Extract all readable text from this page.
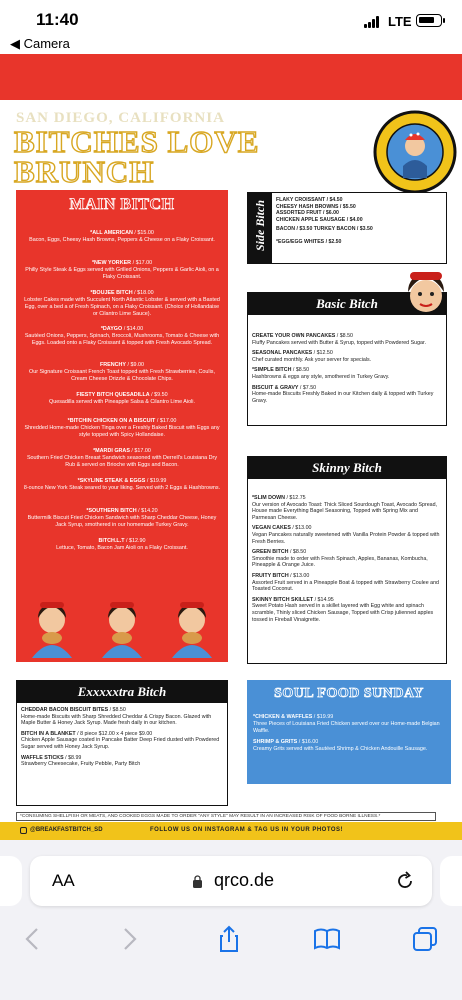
11:40
◀ Camera
LTE
SAN DIEGO, CALIFORNIA
BITCHES LOVE
BRUNCH
MAIN BITCH
*ALL AMERICAN / $15.00
Bacon, Eggs, Cheesy Hash Browns, Peppers & Cheese on a Flaky Croissant.
*NEW YORKER / $17.00
Philly Style Steak & Eggs served with Grilled Onions, Peppers & Garlic Aioli, on a Flaky Croissant.
*BOUJEE BITCH / $18.00
Lobster Cakes made with Succulent North Atlantic Lobster & served with a Basted Egg, over a bed a of Fresh Spinach, on a Flaky Croissant. (Choice of Hollandaise or Cilantro Lime Sauce).
*DAYGO / $14.00
Sautéed Onions, Peppers, Spinach, Broccoli, Mushrooms, Tomato & Cheese with Eggs. Loaded onto a Flaky Croissant & topped with Fresh Avocado Spread.
FRENCHY / $9.00
Our Signature Croissant French Toast topped with Fresh Strawberries, Coulis, Cream Cheese Drizzle & Chocolate Chips.
FIESTY BITCH QUESADILLA / $9.50
Quesadilla served with Pineapple Salsa & Cilantro Lime Aioli.
*BITCHIN CHICKEN ON A BISCUIT / $17.00
Shredded Home-made Chicken Tinga over a Freshly Baked Biscuit with Eggs any style topped with Spicy Hollandaise.
*MARDI GRAS / $17.00
Southern Fried Chicken Breast Sandwich seasoned with Derrell's Louisiana Dry Rub & served on Brioche with Eggs and Bacon.
*SKYLINE STEAK & EGGS / $19.99
8-ounce New York Steak seared to your liking. Served with 2 Eggs & Hashbrowns.
*SOUTHERN BITCH / $14.20
Buttermilk Biscuit Fried Chicken Sandwich with Sharp Cheddar Cheese, Honey Jack Syrup, smothered in our homemade Turkey Gravy.
BITCH.L.T / $12.90
Lettuce, Tomato, Bacon Jam Aioli on a Flaky Croissant.
Side Bitch FLAKY CROISSANT / $4.50
CHEESY HASH BROWNS / $5.50
ASSORTED FRUIT / $6.00
CHICKEN APPLE SAUSAGE / $4.00
BACON / $3.50 TURKEY BACON / $3.50
*EGG/EGG WHITES / $2.50
Basic Bitch

CREATE YOUR OWN PANCAKES / $8.50
Fluffy Pancakes served with Butter & Syrup, topped with Powdered Sugar.

SEASONAL PANCAKES / $12.50
Chef curated monthly. Ask your server for specials.

*SIMPLE BITCH / $8.50
Hashbrowns & eggs any style, smothered in Turkey Gravy.

BISCUIT & GRAVY / $7.50
Home-made Biscuits Freshly Baked in our Kitchen daily & topped with Turkey Gravy.

Skinny Bitch

*SLIM DOWN / $12.75
Our version of Avocado Toast: Thick Sliced Sourdough Toast, Avocado Spread, House made Everything Bagel Seasoning, Topped with Spring Mix and Parmesan Cheese.

VEGAN CAKES / $13.00
Vegan Pancakes naturally sweetened with Vanilla Protein Powder & topped with Fresh Berries.

GREEN BITCH / $8.50
Smoothie made to order with Fresh Spinach, Apples, Bananas, Kombucha, Pineapple & Orange Juice.

FRUITY BITCH / $13.00
Assorted Fruit served in a Pineapple Boat & topped with Strawberry Coulee and Toasted Coconut.

SKINNY BITCH SKILLET / $14.95
Sweet Potato Hash served in a skillet layered with Egg white and spinach scramble, Thinly sliced Chicken Sausage, Topped with Crisp julienned apples tossed in Fireball Vinaigrette.

Exxxxxtra Bitch

CHEDDAR BACON BISCUIT BITES / $8.50
Home-made Biscuits with Sharp Shredded Cheddar & Crispy Bacon. Glazed with Maple Butter & Honey Jack Syrup. Made fresh daily in our kitchen.

BITCH IN A BLANKET / 8 piece $12.00 x 4 piece $9.00
Chicken Apple Sausage coated in Pancake Batter Deep Fried dusted with Powdered Sugar served with Honey Jack Syrup.

WAFFLE STICKS / $8.99
Strawberry Cheesecake, Fruity Pebble, Party Bitch

SOUL FOOD SUNDAY

*CHICKEN & WAFFLES / $19.99
Three Pieces of Louisiana Fried Chicken served over our Home-made Belgian Waffle.

SHRIMP & GRITS / $16.00
Creamy Grits served with Sautéed Shrimp & Chicken Andouille Sausage.

*CONSUMING SHELLFISH OR MEATS, AND COOKED EGGS MADE TO ORDER "ANY STYLE" MAY RESULT IN AN INCREASED RISK OF FOOD BORNE ILLNESS.*
@BREAKFASTBITCH_SD	FOLLOW US ON INSTAGRAM & TAG US IN YOUR PHOTOS!
AA	qrco.de
